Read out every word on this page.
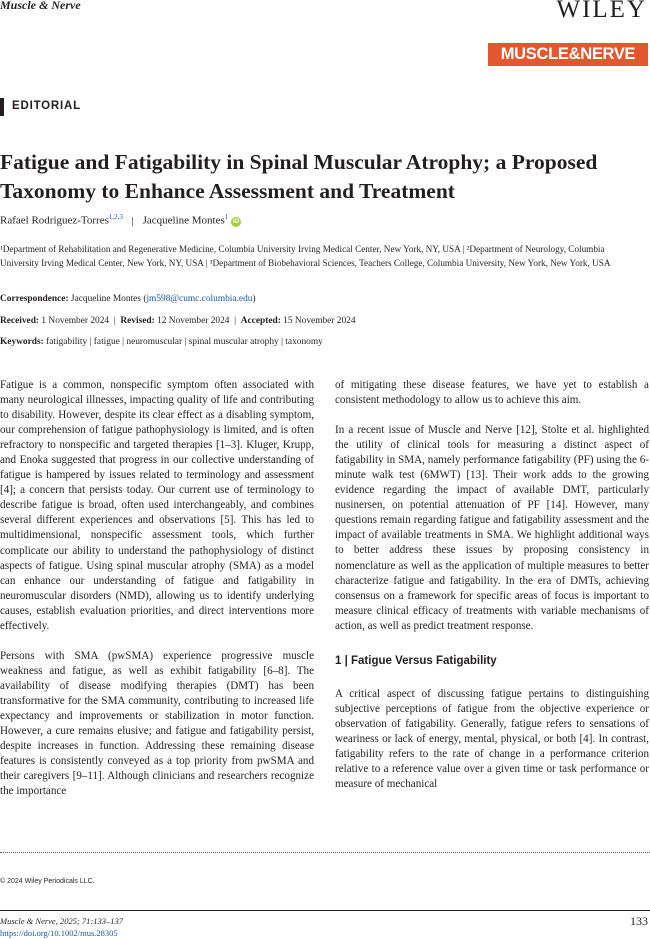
Muscle & Nerve	WILEY
MUSCLE&NERVE
EDITORIAL
Fatigue and Fatigability in Spinal Muscular Atrophy; a Proposed Taxonomy to Enhance Assessment and Treatment
Rafael Rodriguez-Torres$^{1,2,3}$ | Jacqueline Montes$^1$ iD
¹Department of Rehabilitation and Regenerative Medicine, Columbia University Irving Medical Center, New York, NY, USA | ²Department of Neurology, Columbia University Irving Medical Center, New York, NY, USA | ³Department of Biobehavioral Sciences, Teachers College, Columbia University, New York, New York, USA
Correspondence: Jacqueline Montes (jm598@cumc.columbia.edu)
Received: 1 November 2024 | Revised: 12 November 2024 | Accepted: 15 November 2024
Keywords: fatigability | fatigue | neuromuscular | spinal muscular atrophy | taxonomy

Fatigue is a common, nonspecific symptom often associated with many neurological illnesses, impacting quality of life and contributing to disability. However, despite its clear effect as a disabling symptom, our comprehension of fatigue pathophysiology is limited, and is often refractory to nonspecific and targeted therapies [1–3]. Kluger, Krupp, and Enoka suggested that progress in our collective understanding of fatigue is hampered by issues related to terminology and assessment [4]; a concern that persists today. Our current use of terminology to describe fatigue is broad, often used interchangeably, and combines several different experiences and observations [5]. This has led to multidimensional, nonspecific assessment tools, which further complicate our ability to understand the pathophysiology of distinct aspects of fatigue. Using spinal muscular atrophy (SMA) as a model can enhance our understanding of fatigue and fatigability in neuromuscular disorders (NMD), allowing us to identify underlying causes, establish evaluation priorities, and direct interventions more effectively.

Persons with SMA (pwSMA) experience progressive muscle weakness and fatigue, as well as exhibit fatigability [6–8]. The availability of disease modifying therapies (DMT) has been transformative for the SMA community, contributing to increased life expectancy and improvements or stabilization in motor function. However, a cure remains elusive; and fatigue and fatigability persist, despite increases in function. Addressing these remaining disease features is consistently conveyed as a top priority from pwSMA and their caregivers [9–11]. Although clinicians and researchers recognize the importance

of mitigating these disease features, we have yet to establish a consistent methodology to allow us to achieve this aim.

In a recent issue of Muscle and Nerve [12], Stolte et al. highlighted the utility of clinical tools for measuring a distinct aspect of fatigability in SMA, namely performance fatigability (PF) using the 6-minute walk test (6MWT) [13]. Their work adds to the growing evidence regarding the impact of available DMT, particularly nusinersen, on potential attenuation of PF [14]. However, many questions remain regarding fatigue and fatigability assessment and the impact of available treatments in SMA. We highlight additional ways to better address these issues by proposing consistency in nomenclature as well as the application of multiple measures to better characterize fatigue and fatigability. In the era of DMTs, achieving consensus on a framework for specific areas of focus is important to measure clinical efficacy of treatments with variable mechanisms of action, as well as predict treatment response.

1 | Fatigue Versus Fatigability

A critical aspect of discussing fatigue pertains to distinguishing subjective perceptions of fatigue from the objective experience or observation of fatigability. Generally, fatigue refers to sensations of weariness or lack of energy, mental, physical, or both [4]. In contrast, fatigability refers to the rate of change in a performance criterion relative to a reference value over a given time or task performance or measure of mechanical

© 2024 Wiley Periodicals LLC.
Muscle & Nerve, 2025; 71:133–137
https://doi.org/10.1002/mus.28305
133
